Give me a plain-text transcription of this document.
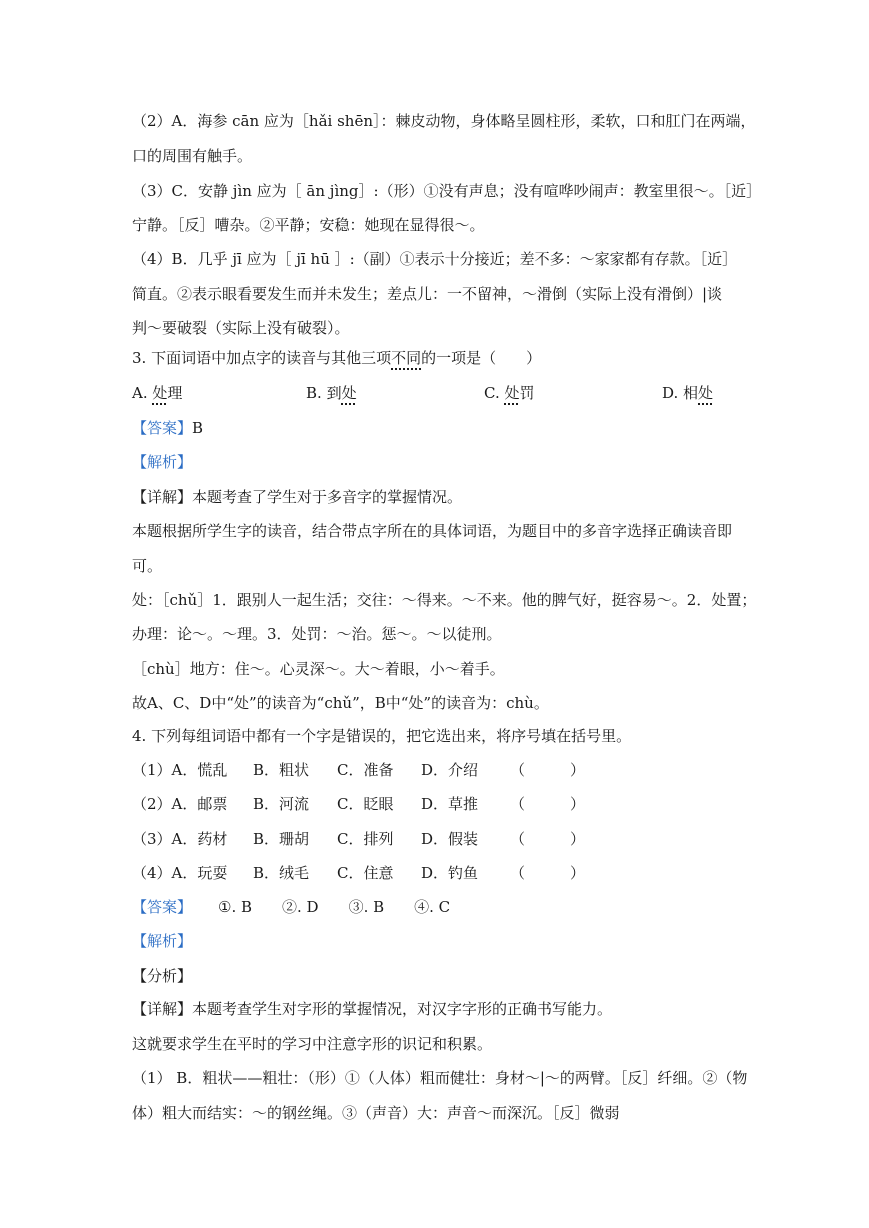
（2）A．海参 cān 应为［hǎi shēn］：棘皮动物，身体略呈圆柱形，柔软，口和肛门在两端，
口的周围有触手。
（3）C．安静 jìn 应为［ ān jìng］:（形）①没有声息；没有喧哗吵闹声：教室里很～。［近］
宁静。［反］嘈杂。②平静；安稳：她现在显得很～。
（4）B．几乎 jī 应为［ jī hū ］:（副）①表示十分接近；差不多：～家家都有存款。［近］
简直。②表示眼看要发生而并未发生；差点儿：一不留神，～滑倒（实际上没有滑倒）|谈
判～要破裂（实际上没有破裂）。
3. 下面词语中加点字的读音与其他三项不同的一项是（　　）
A. 处理	B. 到处	C. 处罚	D. 相处
【答案】B
【解析】
【详解】本题考查了学生对于多音字的掌握情况。
本题根据所学生字的读音，结合带点字所在的具体词语，为题目中的多音字选择正确读音即
可。
处：［chǔ］1．跟别人一起生活；交往：～得来。～不来。他的脾气好，挺容易～。2．处置；
办理：论～。～理。3．处罚：～治。惩～。～以徒刑。
［chù］地方：住～。心灵深～。大～着眼，小～着手。
故A、C、D中“处”的读音为“chǔ”，B中“处”的读音为：chù。
4. 下列每组词语中都有一个字是错误的，把它选出来，将序号填在括号里。
（1）A．慌乱 B．粗状 C．准备 D．介绍 （　　　）
（2）A．邮票 B．河流 C．眨眼 D．草推 （　　　）
（3）A．药材 B．珊胡 C．排列 D．假装 （　　　）
（4）A．玩耍 B．绒毛 C．住意 D．钓鱼 （　　　）
【答案】 ①. B　　②. D　　③. B　　④. C
【解析】
【分析】
【详解】本题考查学生对字形的掌握情况，对汉字字形的正确书写能力。
这就要求学生在平时的学习中注意字形的识记和积累。
（1） B．粗状——粗壮：（形）①（人体）粗而健壮：身材～|～的两臂。［反］纤细。②（物
体）粗大而结实：～的钢丝绳。③（声音）大：声音～而深沉。［反］微弱
